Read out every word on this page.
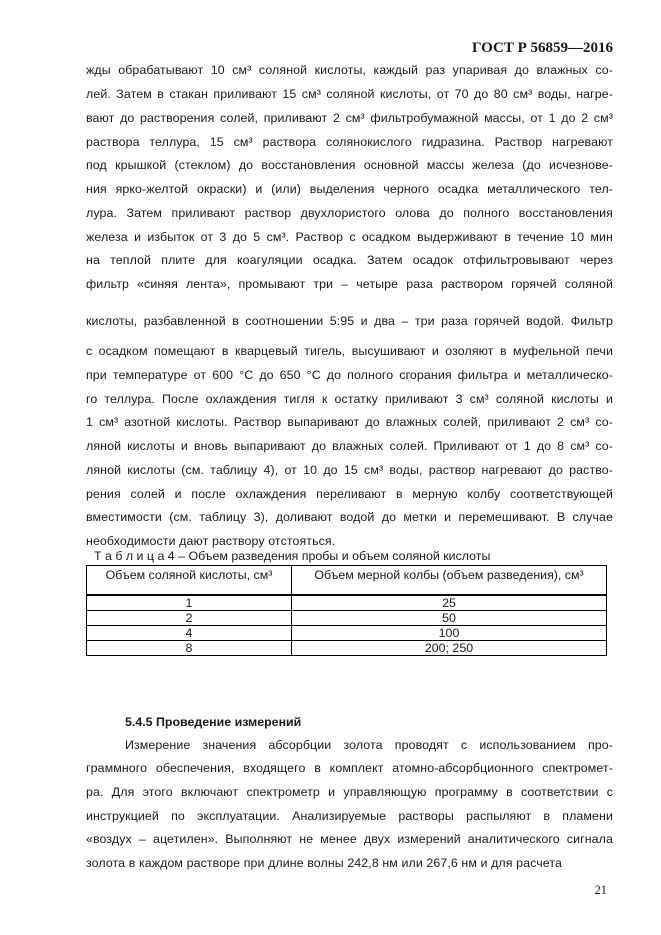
ГОСТ Р 56859—2016
жды обрабатывают 10 см³ соляной кислоты, каждый раз упаривая до влажных со-
лей. Затем в стакан приливают 15 см³ соляной кислоты, от 70 до 80 см³ воды, нагре-
вают до растворения солей, приливают 2 см³ фильтробумажной массы, от 1 до 2 см³
раствора теллура, 15 см³ раствора солянокислого гидразина. Раствор нагревают
под крышкой (стеклом) до восстановления основной массы железа (до исчезнове-
ния ярко-желтой окраски) и (или) выделения черного осадка металлического тел-
лура. Затем приливают раствор двухлористого олова до полного восстановления
железа и избыток от 3 до 5 см³. Раствор с осадком выдерживают в течение 10 мин
на теплой плите для коагуляции осадка. Затем осадок отфильтровывают через
фильтр «синяя лента», промывают три – четыре раза раствором горячей соляной
кислоты, разбавленной в соотношении 5:95 и два – три раза горячей водой. Фильтр
с осадком помещают в кварцевый тигель, высушивают и озоляют в муфельной печи
при температуре от 600 °С до 650 °С до полного сгорания фильтра и металлическо-
го теллура. После охлаждения тигля к остатку приливают 3 см³ соляной кислоты и
1 см³ азотной кислоты. Раствор выпаривают до влажных солей, приливают 2 см³ со-
ляной кислоты и вновь выпаривают до влажных солей. Приливают от 1 до 8 см³ со-
ляной кислоты (см. таблицу 4), от 10 до 15 см³ воды, раствор нагревают до раство-
рения солей и после охлаждения переливают в мерную колбу соответствующей
вместимости (см. таблицу 3), доливают водой до метки и перемешивают. В случае
необходимости дают раствору отстояться.
Т а б л и ц а 4 – Объем разведения пробы и объем соляной кислоты
Объем соляной кислоты, см³	Объем мерной колбы (объем разведения), см³
1	25
2	50
4	100
8	200; 250
5.4.5 Проведение измерений
Измерение значения абсорбции золота проводят с использованием про-
граммного обеспечения, входящего в комплект атомно-абсорбционного спектромет-
ра. Для этого включают спектрометр и управляющую программу в соответствии с
инструкцией по эксплуатации. Анализируемые растворы распыляют в пламени
«воздух – ацетилен». Выполняют не менее двух измерений аналитического сигнала
золота в каждом растворе при длине волны 242,8 нм или 267,6 нм и для расчета
21
